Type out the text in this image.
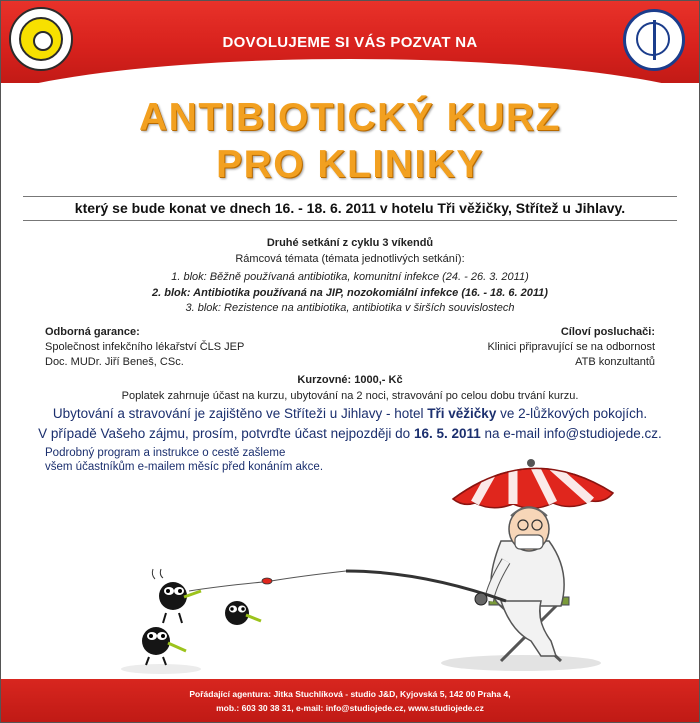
DOVOLUJEME SI VÁS POZVAT NA
ANTIBIOTICKÝ KURZ
PRO KLINIKY
který se bude konat ve dnech 16. - 18. 6. 2011 v hotelu Tři věžičky, Střítež u Jihlavy.
Druhé setkání z cyklu 3 víkendů
Rámcová témata (témata jednotlivých setkání):
1. blok: Běžně používaná antibiotika, komunitní infekce (24. - 26. 3. 2011)
2. blok: Antibiotika používaná na JIP, nozokomiální infekce (16. - 18. 6. 2011)
3. blok: Rezistence na antibiotika, antibiotika v širších souvislostech
Odborná garance:
Společnost infekčního lékařství ČLS JEP
Doc. MUDr. Jiří Beneš, CSc.
Cíloví posluchači:
Klinici připravující se na odbornost
ATB konzultantů
Kurzovné: 1000,- Kč
Poplatek zahrnuje účast na kurzu, ubytování na 2 noci, stravování po celou dobu trvání kurzu.
Ubytování a stravování je zajištěno ve Stříteži u Jihlavy - hotel Tři věžičky ve 2-lůžkových pokojích.
V případě Vašeho zájmu, prosím, potvrďte účast nejpozději do 16. 5. 2011 na e-mail info@studiojede.cz.
Podrobný program a instrukce o cestě zašleme
všem účastníkům e-mailem měsíc před konáním akce.
Pořádající agentura: Jitka Stuchlíková - studio J&D, Kyjovská 5, 142 00 Praha 4,
mob.: 603 30 38 31, e-mail: info@studiojede.cz, www.studiojede.cz
